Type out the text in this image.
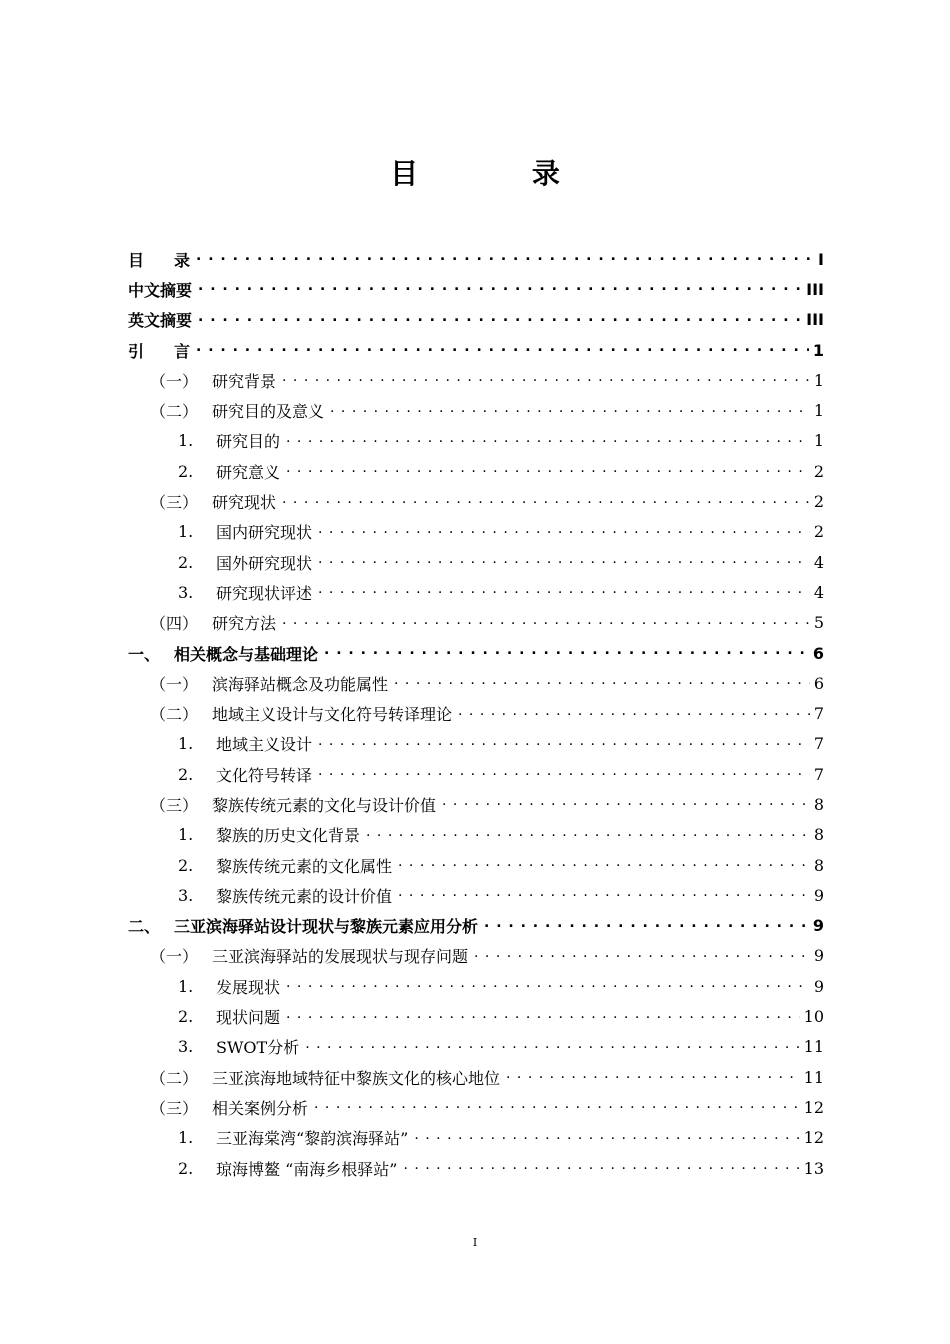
目 录
目录 . . .	I
中文摘要 . . .	III
英文摘要 . . .	III
引言 . . .	1
（一） 研究背景 . . .	1
（二） 研究目的及意义 . . .	1
1.	研究目的 . . .	1
2.	研究意义 . . .	2
（三） 研究现状 . . .	2
1.	国内研究现状 . . .	2
2.	国外研究现状 . . .	4
3.	研究现状评述 . . .	4
（四） 研究方法 . . .	5
一、 相关概念与基础理论 . . .	6
（一） 滨海驿站概念及功能属性 . . .	6
（二） 地域主义设计与文化符号转译理论 . . .	7
1.	地域主义设计 . . .	7
2.	文化符号转译 . . .	7
（三） 黎族传统元素的文化与设计价值 . . .	8
1.	黎族的历史文化背景 . . .	8
2.	黎族传统元素的文化属性 . . .	8
3.	黎族传统元素的设计价值 . . .	9
二、 三亚滨海驿站设计现状与黎族元素应用分析 . . .	9
（一） 三亚滨海驿站的发展现状与现存问题 . . .	9
1.	发展现状 . . .	9
2.	现状问题 . . .	10
3.	SWOT分析 . . .	11
（二） 三亚滨海地域特征中黎族文化的核心地位 . . .	11
（三） 相关案例分析 . . .	12
1.	三亚海棠湾“黎韵滨海驿站” . . .	12
2.	琼海博鳌 “南海乡根驿站” . . .	13
I
